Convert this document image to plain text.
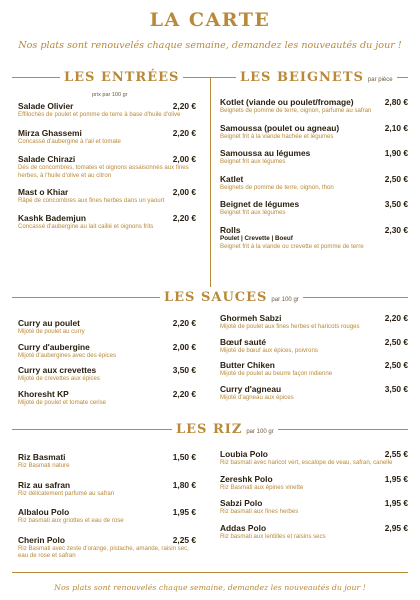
LA CARTE
Nos plats sont renouvelés chaque semaine, demandez les nouveautés du jour !
LES ENTRÉES
prix par 100 gr
LES BEIGNETS par pièce
Salade Olivier	2,20 €
Effilochés de poulet et pomme de terre à base d'huile d'olive
Mirza Ghassemi	2,20 €
Concassé d'aubergine à l'ail et tomate
Salade Chirazi	2,00 €
Dés de concombres, tomates et oignons assaisonnés aux fines herbes, à l'huile d'olive et au citron
Mast o Khiar	2,00 €
Râpé de concombres aux fines herbes dans un yaourt
Kashk Bademjun	2,20 €
Concassé d'aubergine au lait caillé et oignons frits
Kotlet (viande ou poulet/fromage)	2,80 €
Beignets de pomme de terre, oignon, parfumé au safran
Samoussa (poulet ou agneau)	2,10 €
Beignet frit à la viande hachée et légumes
Samoussa au légumes	1,90 €
Beignet frit aux légumes
Katlet	2,50 €
Beignets de pomme de terre, oignon, thon
Beignet de légumes	3,50 €
Beignet frit aux légumes
Rolls	2,30 €
Poulet | Crevette | Boeuf
Beignet frit à la viande ou crevette et pomme de terre
LES SAUCES par 100 gr
Curry au poulet	2,20 €
Mijoté de poulet au curry
Curry d'aubergine	2,00 €
Mijoté d'aubergines avec des épices
Curry aux crevettes	3,50 €
Mijoté de crevettes aux épices
Khoresht KP	2,20 €
Mijoté de poulet et tomate cerise
Ghormeh Sabzi	2,20 €
Mijoté de poulet aux fines herbes et haricots rouges
Bœuf sauté	2,50 €
Mijoté de bœuf aux épices, poivrons
Butter Chiken	2,50 €
Mijoté de poulet au beurre façon indienne
Curry d'agneau	3,50 €
Mijoté d'agneau aux épices
LES RIZ par 100 gr
Riz Basmati	1,50 €
Riz Basmati nature
Riz au safran	1,80 €
Riz délicatement parfumé au safran
Albalou Polo	1,95 €
Riz basmati aux griottes et eau de rose
Cherin Polo	2,25 €
Riz Basmati avec zeste d'orange, pistache, amande, raisin sec, eau de rose et safran
Loubia Polo	2,55 €
Riz basmati avec haricot vert, escalope de veau, safran, canelle
Zereshk Polo	1,95 €
Riz Basmati aux épines vinette
Sabzi Polo	1,95 €
Riz basmati aux fines herbes
Addas Polo	2,95 €
Riz basmati aux lentilles et raisins secs
Nos plats sont renouvelés chaque semaine, demandez les nouveautés du jour !
